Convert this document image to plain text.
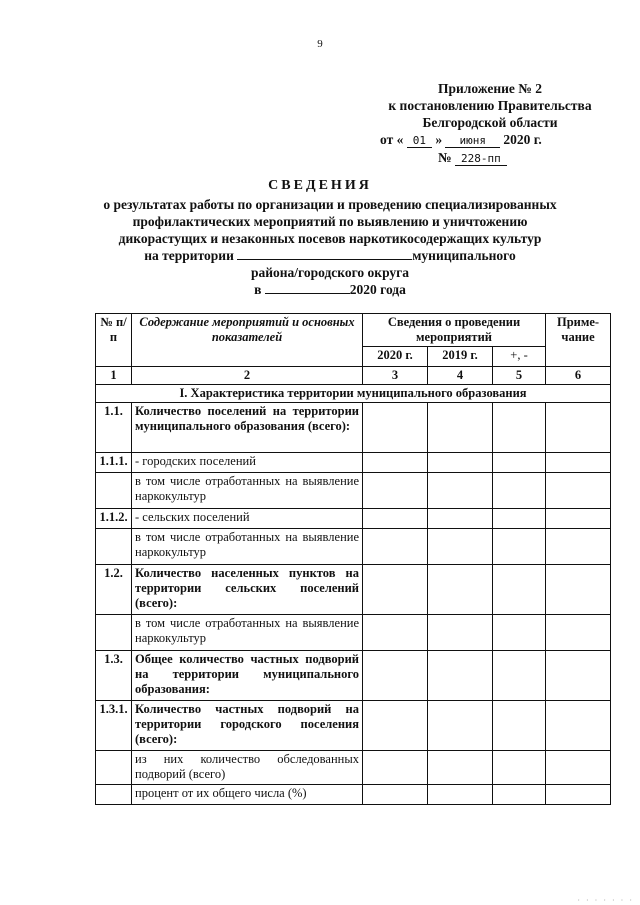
9
Приложение № 2
к постановлению Правительства
Белгородской области
от « 01 » июня 2020 г.
№ 228-пп
СВЕДЕНИЯ
о результатах работы по организации и проведению специализированных
профилактических мероприятий по выявлению и уничтожению
дикорастущих и незаконных посевов наркотикосодержащих культур
на территории	муниципального
района/городского округа
в	2020 года
№ п/п	Содержание мероприятий и основных показателей	Сведения о проведении мероприятий			Приме-чание
		2020 г.	2019 г.	+, -	
1	2	3	4	5	6
I. Характеристика территории муниципального образования					
1.1.	Количество поселений на территории муниципального образования (всего):				
1.1.1.	- городских поселений				
	в том числе отработанных на выявление наркокультур				
1.1.2.	- сельских поселений				
	в том числе отработанных на выявление наркокультур				
1.2.	Количество населенных пунктов на территории сельских поселений (всего):				
	в том числе отработанных на выявление наркокультур				
1.3.	Общее количество частных подворий на территории муниципального образования:				
1.3.1.	Количество частных подворий на территории городского поселения (всего):				
	из них количество обследованных подворий (всего)				
	процент от их общего числа (%)				
· · · · · · ·
